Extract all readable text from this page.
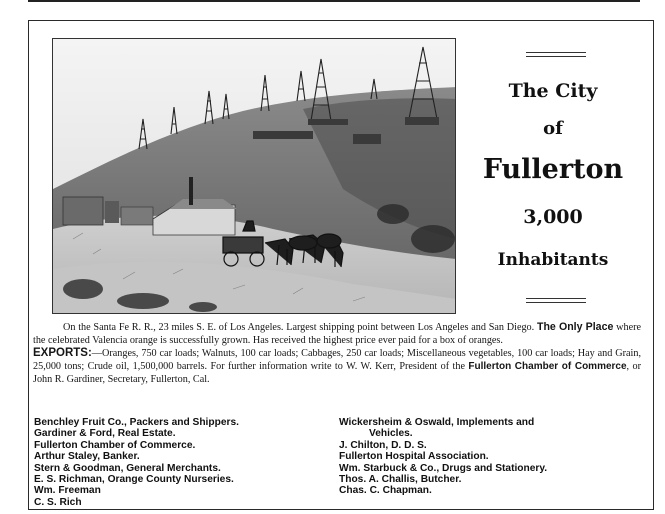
The City
of
Fullerton
3,000
Inhabitants

On the Santa Fe R. R., 23 miles S. E. of Los Angeles. Largest shipping point between Los Angeles and San Diego. The Only Place where the celebrated Valencia orange is successfully grown. Has received the highest price ever paid for a box of oranges.

EXPORTS:—Oranges, 750 car loads; Walnuts, 100 car loads; Cabbages, 250 car loads; Miscellaneous vegetables, 100 car loads; Hay and Grain, 25,000 tons; Crude oil, 1,500,000 barrels. For further information write to W. W. Kerr, President of the Fullerton Chamber of Commerce, or John R. Gardiner, Secretary, Fullerton, Cal.

Benchley Fruit Co., Packers and Shippers.
Gardiner & Ford, Real Estate.
Fullerton Chamber of Commerce.
Arthur Staley, Banker.
Stern & Goodman, General Merchants.
E. S. Richman, Orange County Nurseries.
Wm. Freeman
C. S. Rich
Wickersheim & Oswald, Implements and
Vehicles.
J. Chilton, D. D. S.
Fullerton Hospital Association.
Wm. Starbuck & Co., Drugs and Stationery.
Thos. A. Challis, Butcher.
Chas. C. Chapman.
